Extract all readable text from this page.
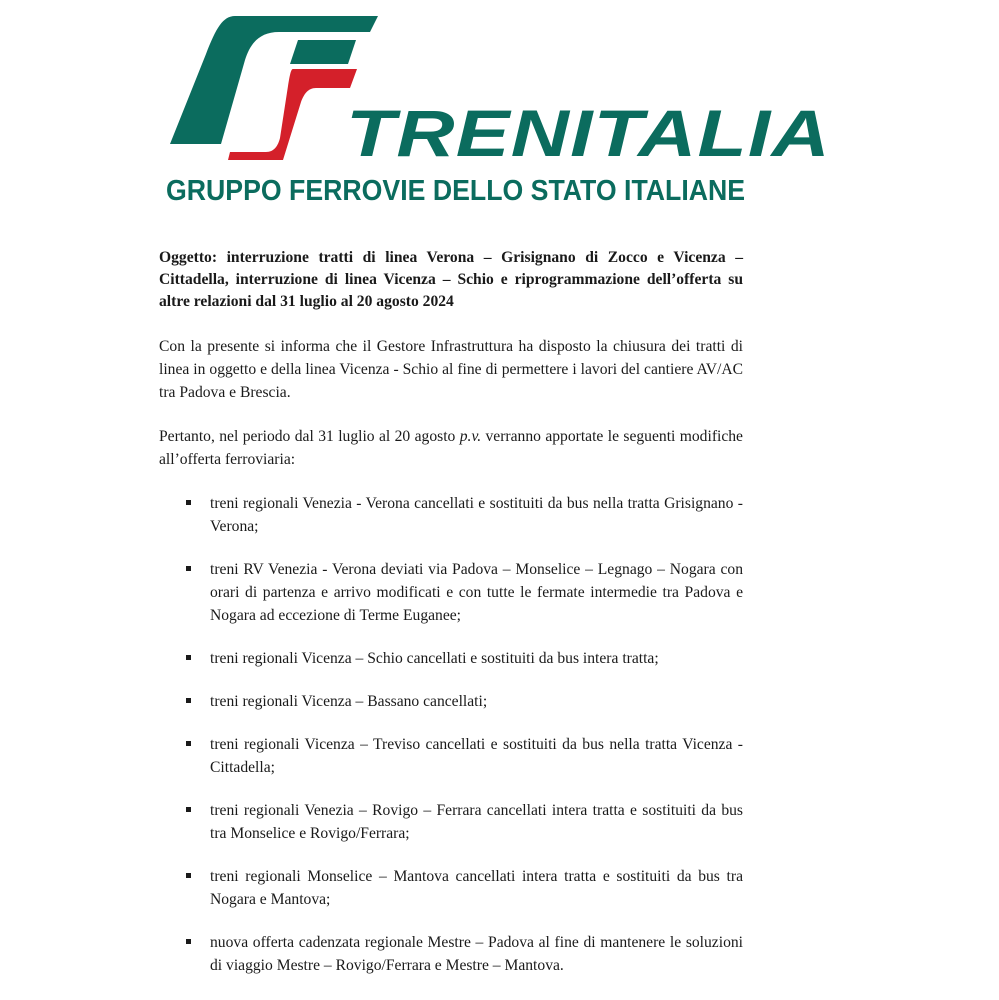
TRENITALIA
GRUPPO FERROVIE DELLO STATO ITALIANE

Oggetto: interruzione tratti di linea Verona – Grisignano di Zocco e Vicenza – Cittadella, interruzione di linea Vicenza – Schio e riprogrammazione dell’offerta su altre relazioni dal 31 luglio al 20 agosto 2024

Con la presente si informa che il Gestore Infrastruttura ha disposto la chiusura dei tratti di linea in oggetto e della linea Vicenza - Schio al fine di permettere i lavori del cantiere AV/AC tra Padova e Brescia.

Pertanto, nel periodo dal 31 luglio al 20 agosto p.v. verranno apportate le seguenti modifiche all’offerta ferroviaria:

treni regionali Venezia - Verona cancellati e sostituiti da bus nella tratta Grisignano - Verona;
treni RV Venezia - Verona deviati via Padova – Monselice – Legnago – Nogara con orari di partenza e arrivo modificati e con tutte le fermate intermedie tra Padova e Nogara ad eccezione di Terme Euganee;
treni regionali Vicenza – Schio cancellati e sostituiti da bus intera tratta;
treni regionali Vicenza – Bassano cancellati;
treni regionali Vicenza – Treviso cancellati e sostituiti da bus nella tratta Vicenza - Cittadella;
treni regionali Venezia – Rovigo – Ferrara cancellati intera tratta e sostituiti da bus tra Monselice e Rovigo/Ferrara;
treni regionali Monselice – Mantova cancellati intera tratta e sostituiti da bus tra Nogara e Mantova;
nuova offerta cadenzata regionale Mestre – Padova al fine di mantenere le soluzioni di viaggio Mestre – Rovigo/Ferrara e Mestre – Mantova.
